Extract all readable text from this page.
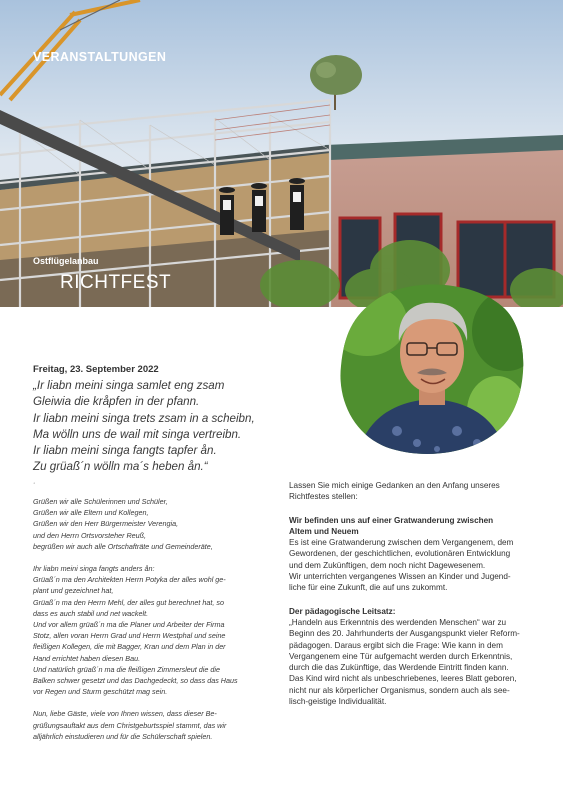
VERANSTALTUNGEN
Ostflügelanbau
RICHTFEST
Freitag, 23. September 2022
„Ir liabn meini singa samlet eng zsam
Gleiwia die kråpfen in der pfann.
Ir liabn meini singa trets zsam in a scheibn,
Ma wölln uns de wail mit singa vertreibn.
Ir liabn meini singa fangts tapfer ån.
Zu grüaß´n wölln ma´s heben ån.“

·

Grüßen wir alle Schülerinnen und Schüler,
Grüßen wir alle Eltern und Kollegen,
Grüßen wir den Herr Bürgermeister Verengia,
und den Herrn Ortsvorsteher Reuß,
begrüßen wir auch alle Ortschafträte und Gemeinderäte,

Ihr liabn meini singa fangts anders ån:
Grüaß´n ma den Architekten Herrn Potyka der alles wohl ge-
plant und gezeichnet hat,
Grüaß´n ma den Herrn Mehl, der alles gut berechnet hat, so
dass es auch stabil und net wackelt.
Und vor allem grüaß´n ma die Planer und Arbeiter der Firma
Stotz, allen voran Herrn Grad und Herrn Westphal und seine
fleißigen Kollegen, die mit Bagger, Kran und dem Plan in der
Hand errichtet haben diesen Bau.
Und natürlich grüaß´n ma die fleißigen Zimmersleut die die
Balken schwer gesetzt und das Dachgedeckt, so dass das Haus
vor Regen und Sturm geschützt mag sein.

Nun, liebe Gäste, viele von Ihnen wissen, dass dieser Be-
grüßungsauftakt aus dem Christgeburtsspiel stammt, das wir
alljährlich einstudieren und für die Schülerschaft spielen.

Lassen Sie mich einige Gedanken an den Anfang unseres
Richtfestes stellen:

Wir befinden uns auf einer Gratwanderung zwischen
Altem und Neuem

Es ist eine Gratwanderung zwischen dem Vergangenem, dem
Gewordenen, der geschichtlichen, evolutionären Entwicklung
und dem Zukünftigen, dem noch nicht Dagewesenem.
Wir unterrichten vergangenes Wissen an Kinder und Jugend-
liche für eine Zukunft, die auf uns zukommt.

Der pädagogische Leitsatz:

„Handeln aus Erkenntnis des werdenden Menschen“ war zu
Beginn des 20. Jahrhunderts der Ausgangspunkt vieler Reform-
pädagogen. Daraus ergibt sich die Frage: Wie kann in dem
Vergangenem eine Tür aufgemacht werden durch Erkenntnis,
durch die das Zukünftige, das Werdende Eintritt finden kann.
Das Kind wird nicht als unbeschriebenes, leeres Blatt geboren,
nicht nur als körperlicher Organismus, sondern auch als see-
lisch-geistige Individualität.
